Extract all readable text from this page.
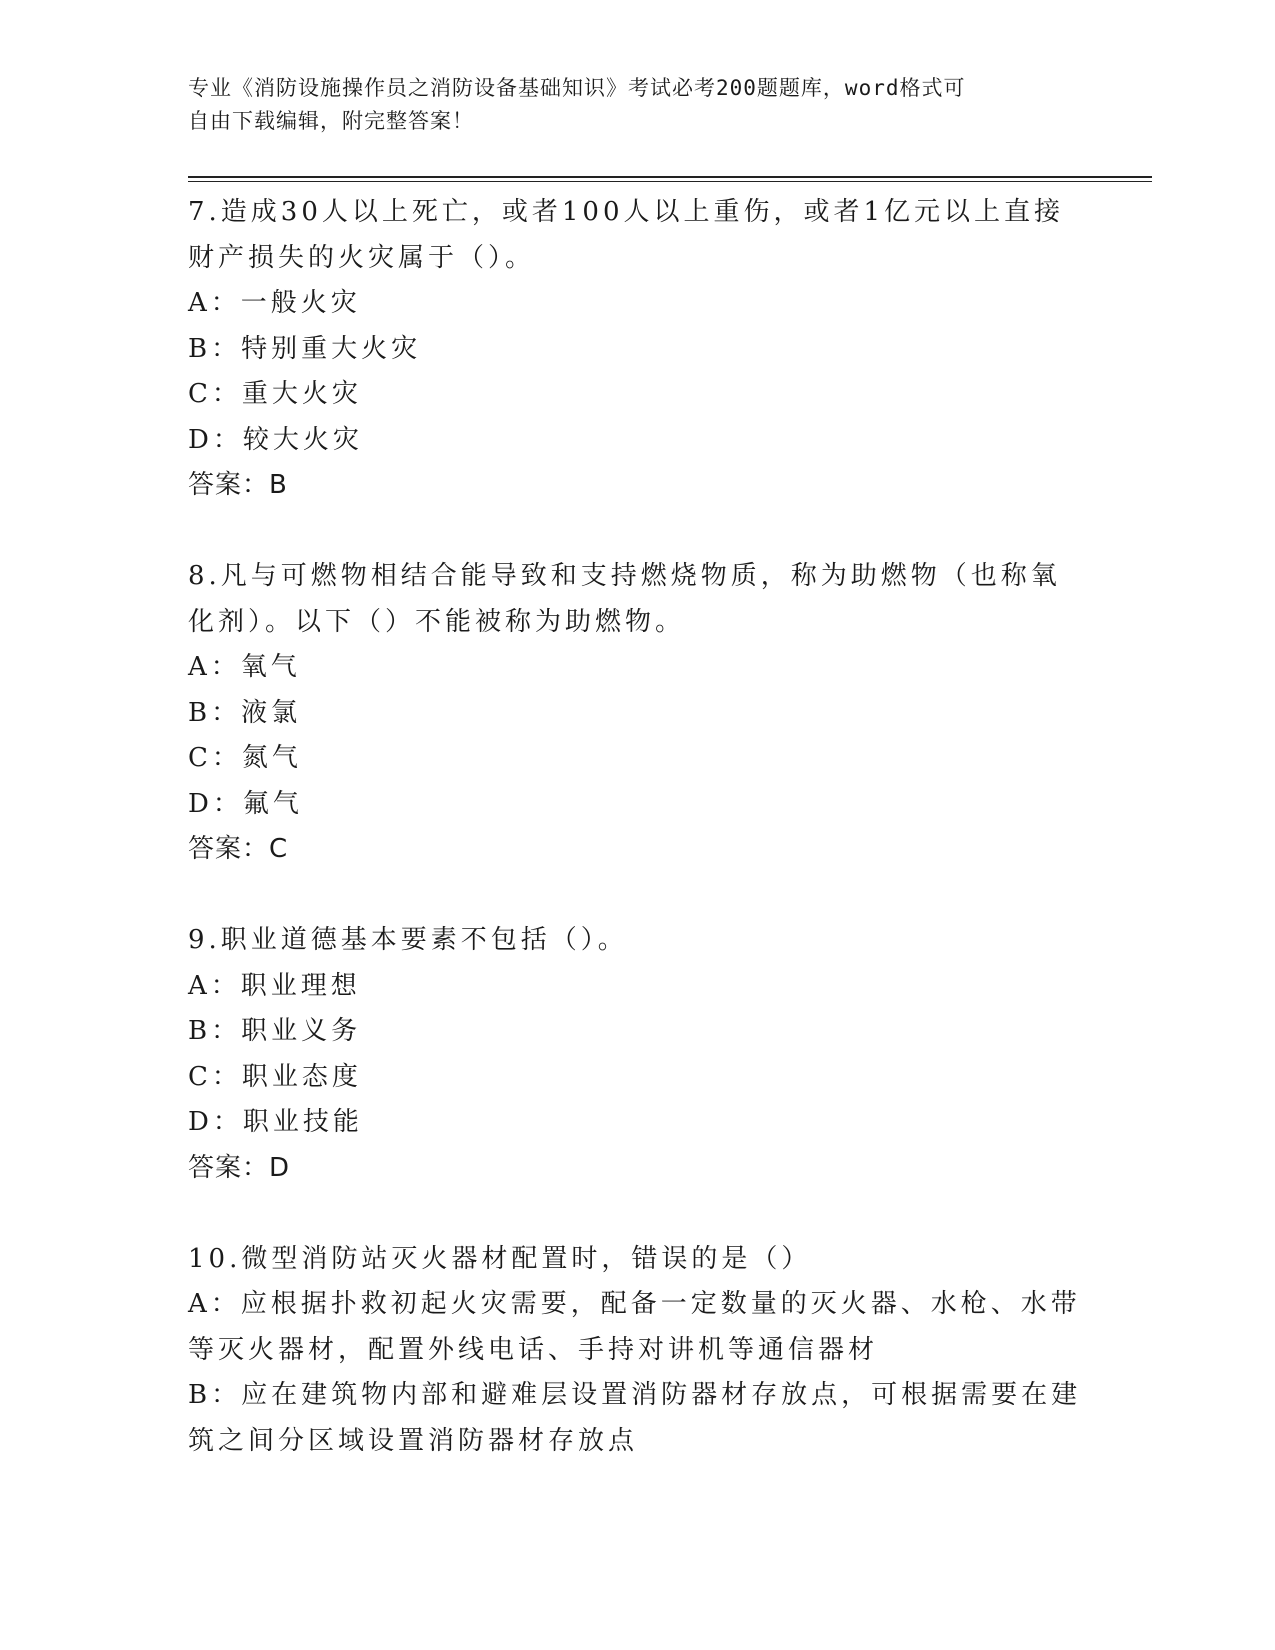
专业《消防设施操作员之消防设备基础知识》考试必考200题题库，word格式可
自由下载编辑，附完整答案！

7.造成30人以上死亡，或者100人以上重伤，或者1亿元以上直接财产损失的火灾属于（）。

A：一般火灾

B：特别重大火灾

C：重大火灾

D：较大火灾

答案：B

8.凡与可燃物相结合能导致和支持燃烧物质，称为助燃物（也称氧化剂）。以下（）不能被称为助燃物。

A：氧气

B：液氯

C：氮气

D：氟气

答案：C

9.职业道德基本要素不包括（）。

A：职业理想

B：职业义务

C：职业态度

D：职业技能

答案：D

10.微型消防站灭火器材配置时，错误的是（）

A：应根据扑救初起火灾需要，配备一定数量的灭火器、水枪、水带等灭火器材，配置外线电话、手持对讲机等通信器材

B：应在建筑物内部和避难层设置消防器材存放点，可根据需要在建筑之间分区域设置消防器材存放点
